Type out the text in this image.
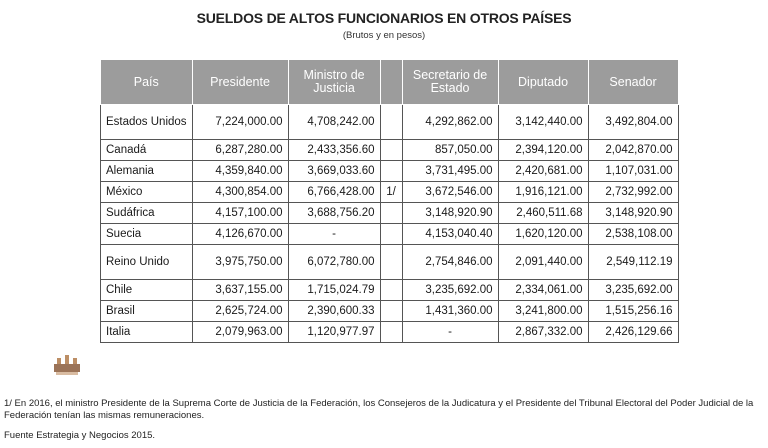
SUELDOS DE ALTOS FUNCIONARIOS EN OTROS PAÍSES
(Brutos y en pesos)
País	Presidente	Ministro de Justicia		Secretario de Estado	Diputado	Senador
Estados Unidos	7,224,000.00	4,708,242.00		4,292,862.00	3,142,440.00	3,492,804.00
Canadá	6,287,280.00	2,433,356.60		857,050.00	2,394,120.00	2,042,870.00
Alemania	4,359,840.00	3,669,033.60		3,731,495.00	2,420,681.00	1,107,031.00
México	4,300,854.00	6,766,428.00	1/	3,672,546.00	1,916,121.00	2,732,992.00
Sudáfrica	4,157,100.00	3,688,756.20		3,148,920.90	2,460,511.68	3,148,920.90
Suecia	4,126,670.00	-		4,153,040.40	1,620,120.00	2,538,108.00
Reino Unido	3,975,750.00	6,072,780.00		2,754,846.00	2,091,440.00	2,549,112.19
Chile	3,637,155.00	1,715,024.79		3,235,692.00	2,334,061.00	3,235,692.00
Brasil	2,625,724.00	2,390,600.33		1,431,360.00	3,241,800.00	1,515,256.16
Italia	2,079,963.00	1,120,977.97		-	2,867,332.00	2,426,129.66
1/ En 2016, el ministro Presidente de la Suprema Corte de Justicia de la Federación, los Consejeros de la Judicatura y el Presidente del Tribunal Electoral del Poder Judicial de la Federación tenían las mismas remuneraciones.
Fuente Estrategia y Negocios 2015.
